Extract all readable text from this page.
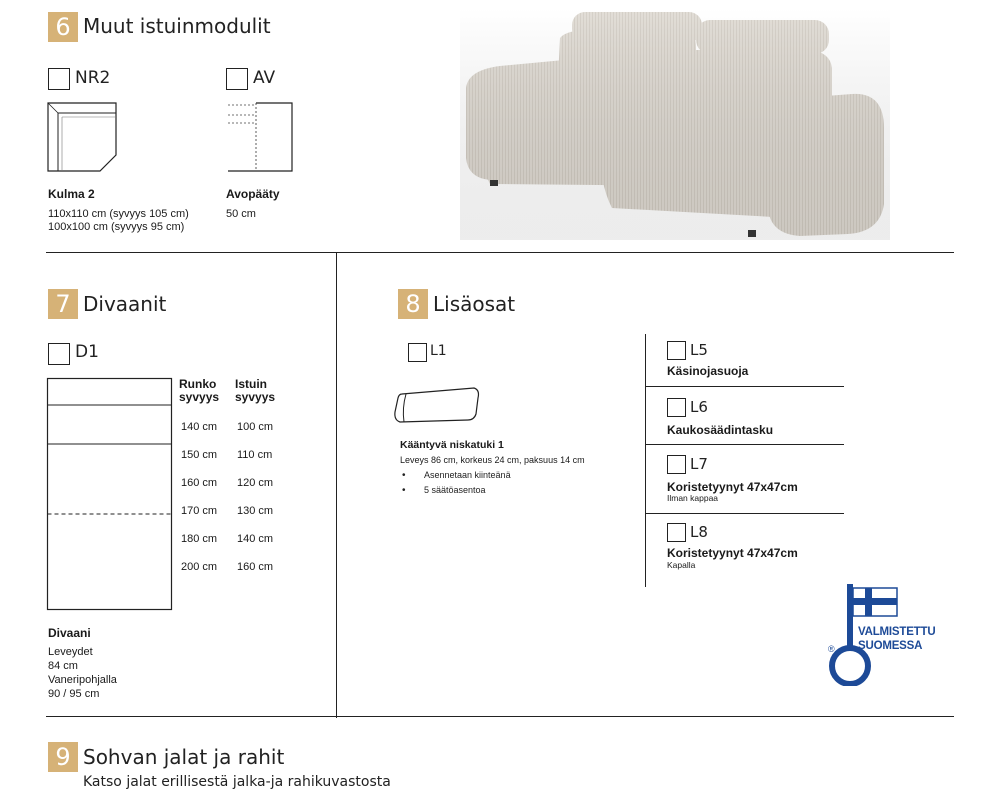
6 Muut istuinmodulit
NR2
Kulma 2
110x110 cm (syvyys 105 cm)
100x100 cm (syvyys 95 cm)
AV
Avopääty
50 cm
7 Divaanit
D1
Runko
syvyys
Istuin
syvyys
140 cm
150 cm
160 cm
170 cm
180 cm
200 cm
100 cm
110 cm
120 cm
130 cm
140 cm
160 cm
Divaani
Leveydet
84 cm
Vaneripohjalla
90 / 95 cm
8 Lisäosat
L1
Kääntyvä niskatuki 1
Leveys 86 cm, korkeus 24 cm, paksuus 14 cm
• Asennetaan kiinteänä
• 5 säätöasentoa
L5
Käsinojasuoja
L6
Kaukosäädintasku
L7
Koristetyynyt 47x47cm
Ilman kappaa
L8
Koristetyynyt 47x47cm
Kapalla
®
VALMISTETTU
SUOMESSA
9 Sohvan jalat ja rahit
Katso jalat erillisestä jalka-ja rahikuvastosta
